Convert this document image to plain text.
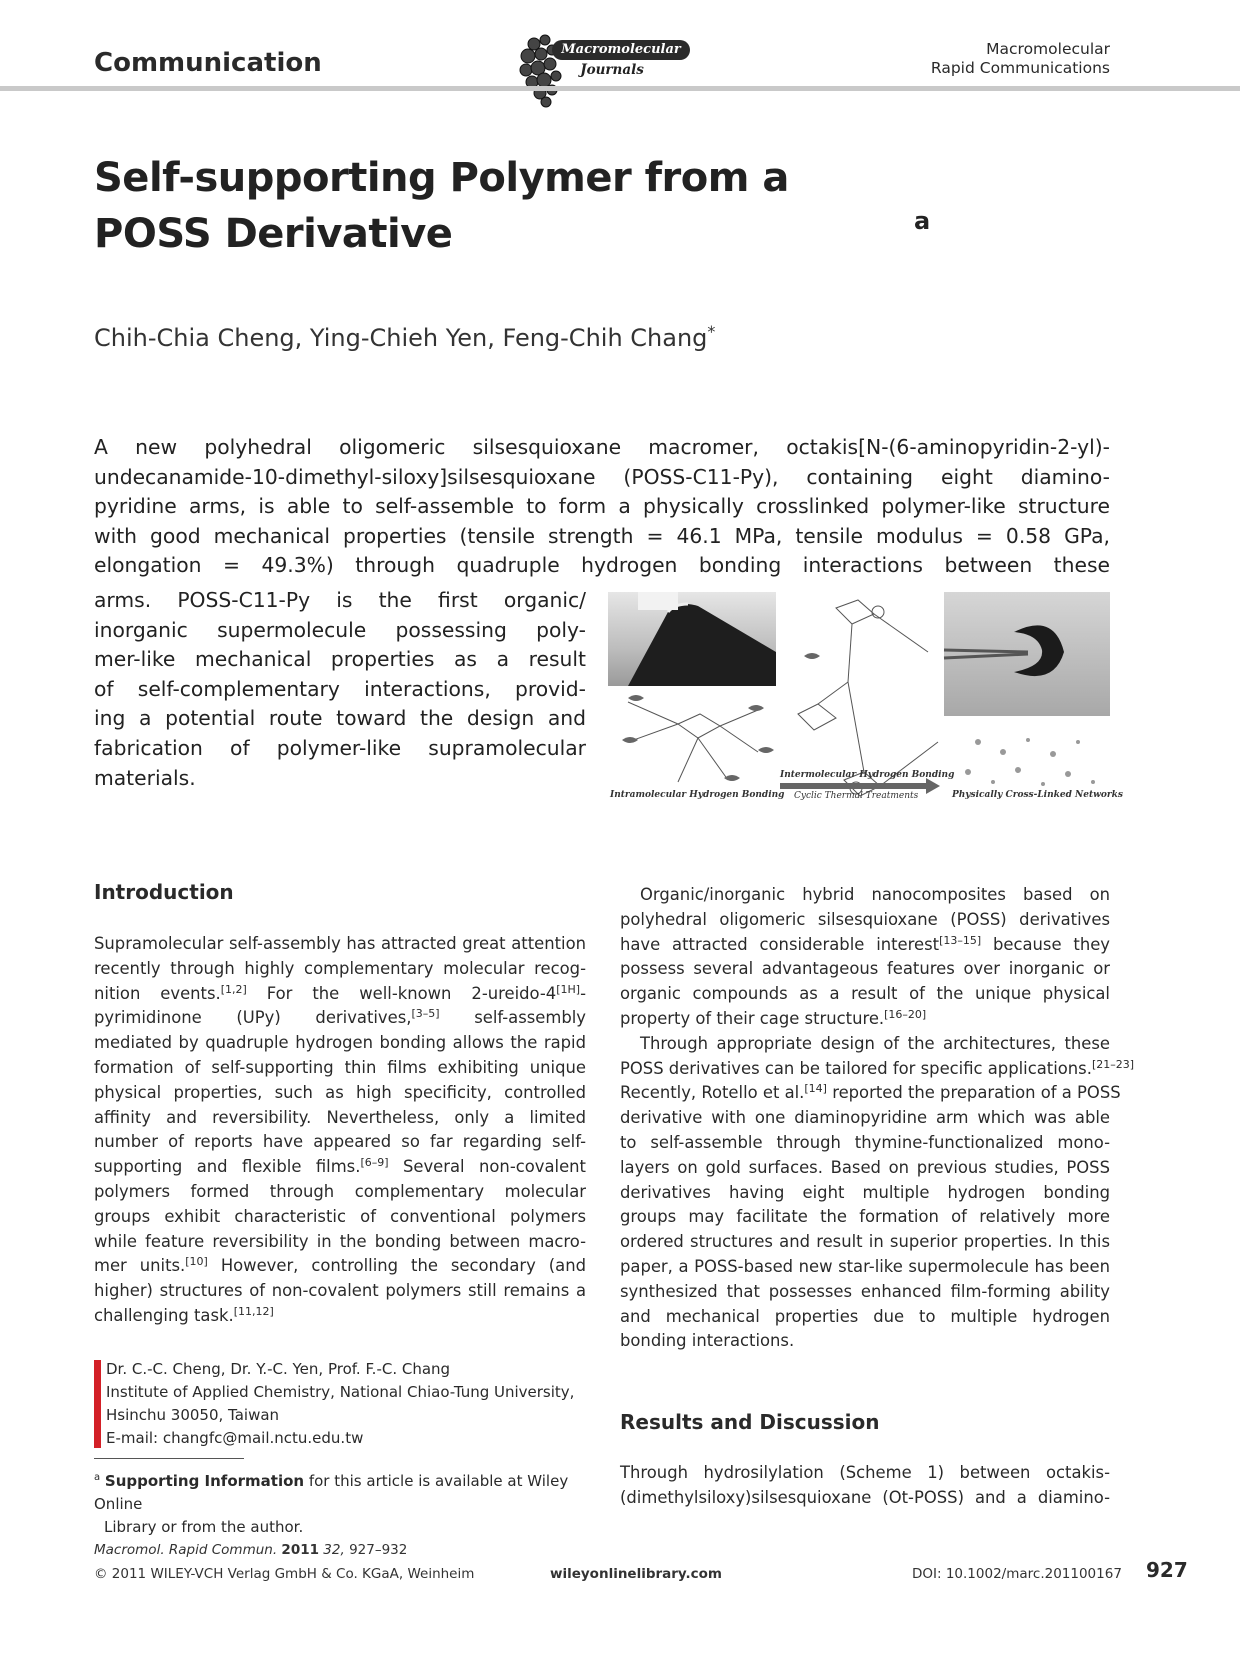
Communication	Macromolecular
Journals
Macromolecular
Rapid Communications
Self-supporting Polymer from a POSS Derivative	$^a$
Chih-Chia Cheng, Ying-Chieh Yen, Feng-Chih Chang*
A new polyhedral oligomeric silsesquioxane macromer, octakis[N-(6-aminopyridin-2-yl)-
undecanamide-10-dimethyl-siloxy]silsesquioxane (POSS-C11-Py), containing eight diamino-
pyridine arms, is able to self-assemble to form a physically crosslinked polymer-like structure
with good mechanical properties (tensile strength = 46.1 MPa, tensile modulus = 0.58 GPa,
elongation = 49.3%) through quadruple hydrogen bonding interactions between these
arms. POSS-C11-Py is the first organic/
inorganic supermolecule possessing poly-
mer-like mechanical properties as a result
of self-complementary interactions, provid-
ing a potential route toward the design and
fabrication of polymer-like supramolecular
materials.
Intramolecular Hydrogen Bonding
Intermolecular Hydrogen Bonding
Cyclic Thermal Treatments	Physically Cross-Linked Networks
Introduction
Supramolecular self-assembly has attracted great attention
recently through highly complementary molecular recog-
nition events.[1,2] For the well-known 2-ureido-4[1H]-
pyrimidinone (UPy) derivatives,[3–5] self-assembly
mediated by quadruple hydrogen bonding allows the rapid
formation of self-supporting thin films exhibiting unique
physical properties, such as high specificity, controlled
affinity and reversibility. Nevertheless, only a limited
number of reports have appeared so far regarding self-
supporting and flexible films.[6–9] Several non-covalent
polymers formed through complementary molecular
groups exhibit characteristic of conventional polymers
while feature reversibility in the bonding between macro-
mer units.[10] However, controlling the secondary (and
higher) structures of non-covalent polymers still remains a
challenging task.[11,12]
Dr. C.-C. Cheng, Dr. Y.-C. Yen, Prof. F.-C. Chang
Institute of Applied Chemistry, National Chiao-Tung University,
Hsinchu 30050, Taiwan
E-mail: changfc@mail.nctu.edu.tw
$^a$ Supporting Information for this article is available at Wiley Online
Library or from the author.
Organic/inorganic hybrid nanocomposites based on
polyhedral oligomeric silsesquioxane (POSS) derivatives
have attracted considerable interest[13–15] because they
possess several advantageous features over inorganic or
organic compounds as a result of the unique physical
property of their cage structure.[16–20]
Through appropriate design of the architectures, these
POSS derivatives can be tailored for specific applications.[21–23]
Recently, Rotello et al.[14] reported the preparation of a POSS
derivative with one diaminopyridine arm which was able
to self-assemble through thymine-functionalized mono-
layers on gold surfaces. Based on previous studies, POSS
derivatives having eight multiple hydrogen bonding
groups may facilitate the formation of relatively more
ordered structures and result in superior properties. In this
paper, a POSS-based new star-like supermolecule has been
synthesized that possesses enhanced film-forming ability
and mechanical properties due to multiple hydrogen
bonding interactions.
Results and Discussion
Through hydrosilylation (Scheme 1) between octakis-
(dimethylsiloxy)silsesquioxane (Ot-POSS) and a diamino-
Macromol. Rapid Commun. 2011 32, 927–932
© 2011 WILEY-VCH Verlag GmbH & Co. KGaA, Weinheim	wileyonlinelibrary.com	DOI: 10.1002/marc.201100167 927
